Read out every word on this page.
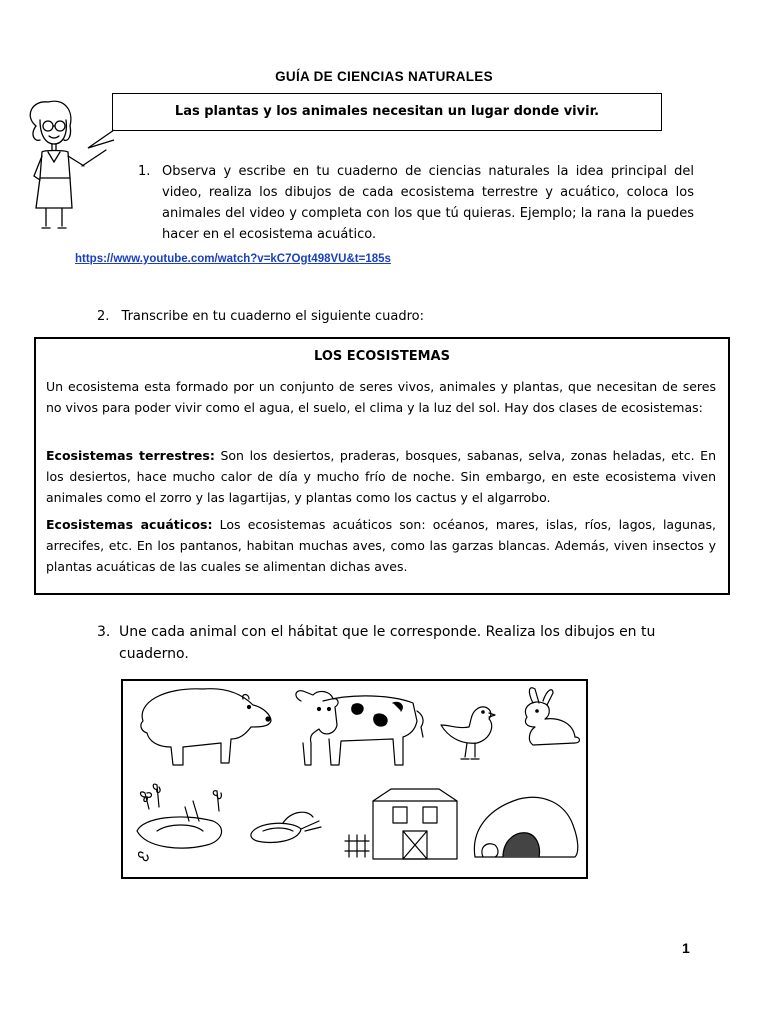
GUÍA DE CIENCIAS NATURALES
Las plantas y los animales necesitan un lugar donde vivir.
1. Observa y escribe en tu cuaderno de ciencias naturales la idea principal del video, realiza los dibujos de cada ecosistema terrestre y acuático, coloca los animales del video y completa con los que tú quieras. Ejemplo; la rana la puedes hacer en el ecosistema acuático.
https://www.youtube.com/watch?v=kC7Ogt498VU&t=185s
2. Transcribe en tu cuaderno el siguiente cuadro:
LOS ECOSISTEMAS
Un ecosistema esta formado por un conjunto de seres vivos, animales y plantas, que necesitan de seres no vivos para poder vivir como el agua, el suelo, el clima y la luz del sol. Hay dos clases de ecosistemas:
Ecosistemas terrestres: Son los desiertos, praderas, bosques, sabanas, selva, zonas heladas, etc. En los desiertos, hace mucho calor de día y mucho frío de noche. Sin embargo, en este ecosistema viven animales como el zorro y las lagartijas, y plantas como los cactus y el algarrobo.
Ecosistemas acuáticos: Los ecosistemas acuáticos son: océanos, mares, islas, ríos, lagos, lagunas, arrecifes, etc. En los pantanos, habitan muchas aves, como las garzas blancas. Además, viven insectos y plantas acuáticas de las cuales se alimentan dichas aves.
3. Une cada animal con el hábitat que le corresponde. Realiza los dibujos en tu cuaderno.
1
